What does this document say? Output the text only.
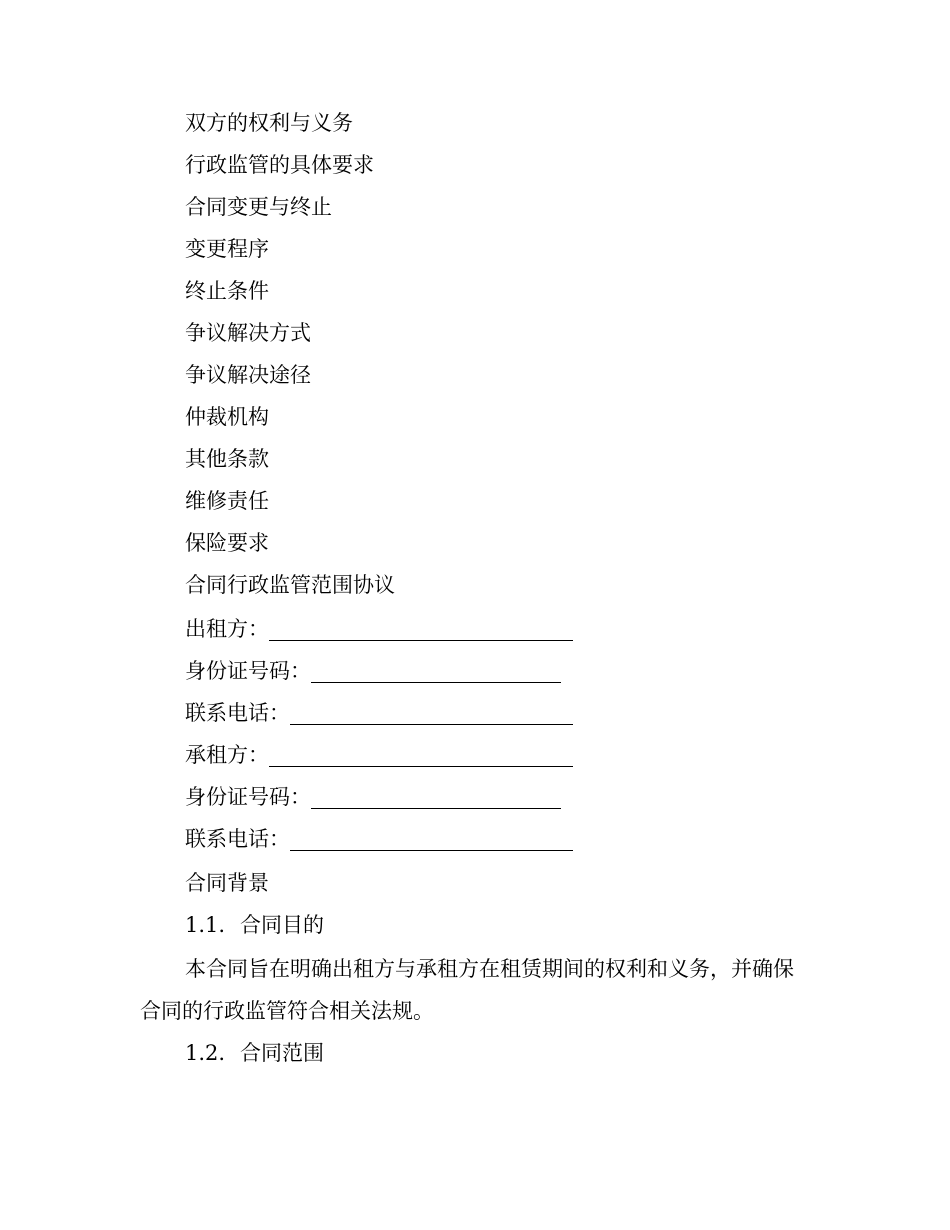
双方的权利与义务
行政监管的具体要求
合同变更与终止
变更程序
终止条件
争议解决方式
争议解决途径
仲裁机构
其他条款
维修责任
保险要求
合同行政监管范围协议
出租方：
身份证号码：
联系电话：
承租方：
身份证号码：
联系电话：
合同背景
1.1. 合同目的
本合同旨在明确出租方与承租方在租赁期间的权利和义务，并确保合同的行政监管符合相关法规。
1.2. 合同范围
